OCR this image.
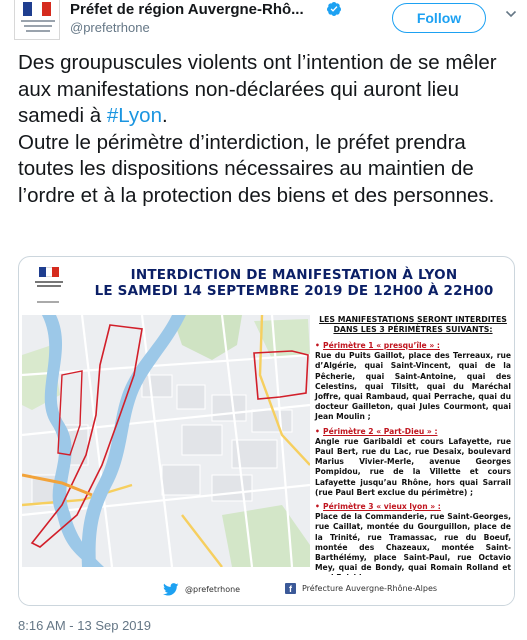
Préfet de région Auvergne-Rhô...
@prefetrhone
Follow
Des groupuscules violents ont l’intention de se mêler aux manifestations non-déclarées qui auront lieu samedi à #Lyon.
Outre le périmètre d’interdiction, le préfet prendra toutes les dispositions nécessaires au maintien de l’ordre et à la protection des biens et des personnes.
INTERDICTION DE MANIFESTATION À LYON
LE SAMEDI 14 SEPTEMBRE 2019 DE 12H00 À 22H00
LES MANIFESTATIONS SERONT INTERDITES
DANS LES 3 PÉRIMÈTRES SUIVANTS:
• Périmètre 1 « presqu’île » :
Rue du Puits Gaillot, place des Terreaux, rue d’Algérie, quai Saint-Vincent, quai de la Pêcherie, quai Saint-Antoine, quai des Celestins, quai Tilsitt, quai du Maréchal Joffre, quai Rambaud, quai Perrache, quai du docteur Gailleton, quai Jules Courmont, quai Jean Moulin ;
• Périmètre 2 « Part-Dieu » :
Angle rue Garibaldi et cours Lafayette, rue Paul Bert, rue du Lac, rue Desaix, boulevard Marius Vivier-Merle, avenue Georges Pompidou, rue de la Villette et cours Lafayette jusqu’au Rhône, hors quai Sarrail (rue Paul Bert exclue du périmètre) ;
• Périmètre 3 « vieux lyon » :
Place de la Commanderie, rue Saint-Georges, rue Caillat, montée du Gourguillon, place de la Trinité, rue Tramassac, rue du Boeuf, montée des Chazeaux, montée Saint-Barthélémy, place Saint-Paul, rue Octavio Mey, quai de Bondy, quai Romain Rolland et
@prefetrhone	f	Préfecture Auvergne-Rhône-Alpes
8:16 AM - 13 Sep 2019
